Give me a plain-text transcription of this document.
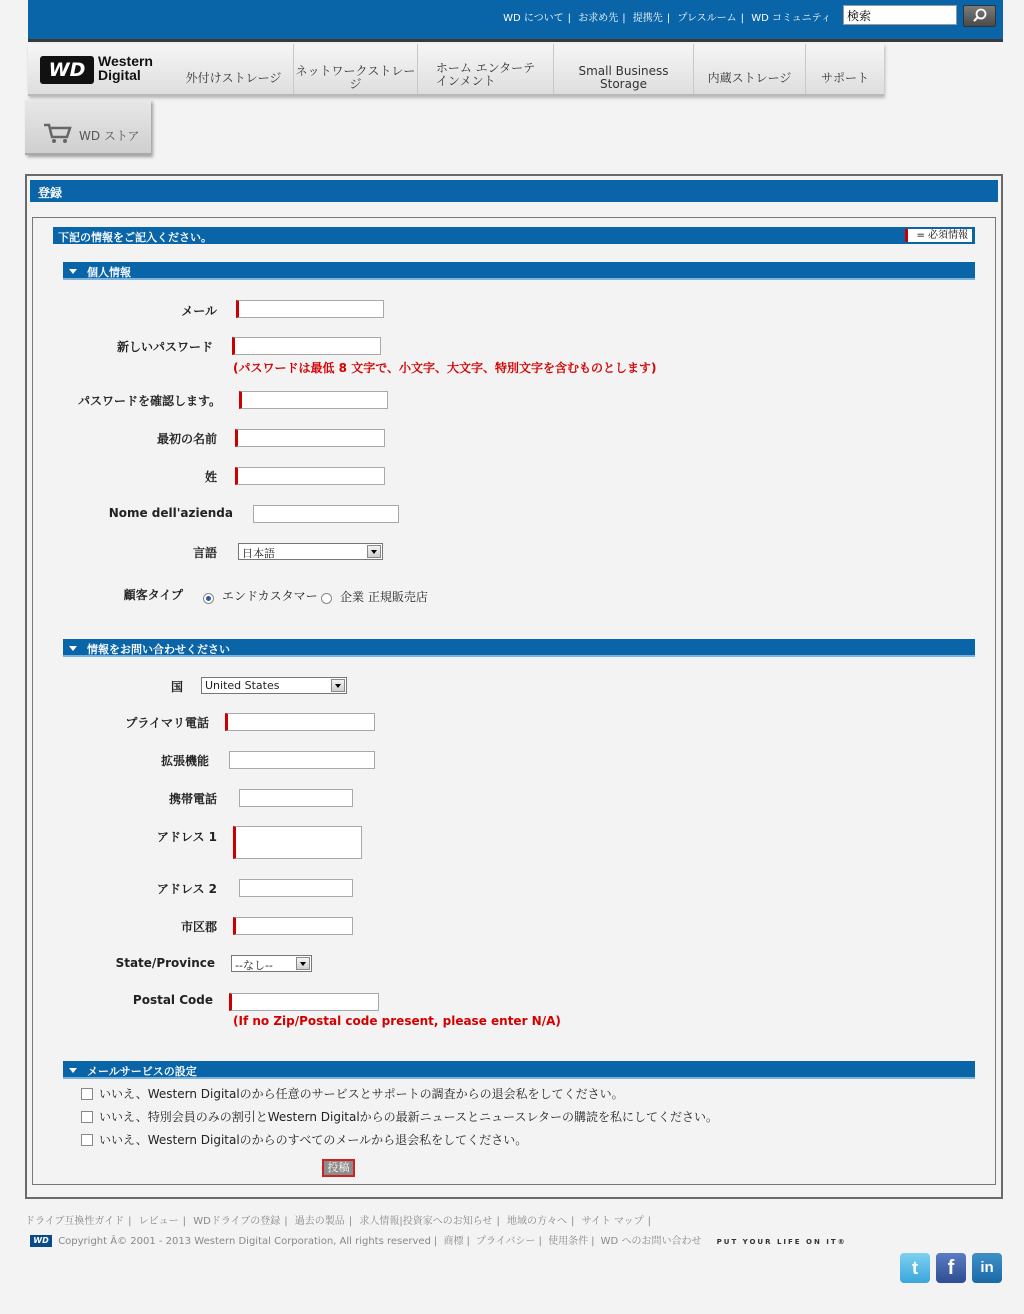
WD について | お求め先 | 提携先 | プレスルーム | WD コミュニティ
検索
WD Western
Digital	外付けストレージ ネットワークストレージ
ホーム エンターテ
インメント
Small Business Storage	内蔵ストレージ サポート
WD ストア
登録
下記の情報をご記入ください。	= 必須情報
個人情報
メール
新しいパスワード
(パスワードは最低 8 文字で、小文字、大文字、特別文字を含むものとします)
パスワードを確認します。
最初の名前
姓
Nome dell'azienda
言語	日本語
顧客タイプ	エンドカスタマー 企業 正規販売店
情報をお問い合わせください
国	United States
プライマリ電話
拡張機能
携帯電話
アドレス 1
アドレス 2
市区郡
State/Province	--なし--
Postal Code
(If no Zip/Postal code present, please enter N/A)
メールサービスの設定
いいえ、Western Digitalのから任意のサービスとサポートの調査からの退会私をしてください。
いいえ、特別会員のみの割引とWestern Digitalからの最新ニュースとニュースレターの購読を私にしてください。
いいえ、Western Digitalのからのすべてのメールから退会私をしてください。
投稿
ドライブ互換性ガイド | レビュー | WDドライブの登録 | 過去の製品 | 求人情報|投資家へのお知らせ | 地域の方々へ | サイト マップ |
WD Copyright Â© 2001 - 2013 Western Digital Corporation, All rights reserved | 商標 | プライバシー | 使用条件 | WD へのお問い合わせ PUT YOUR LIFE ON IT®
t	f	in
